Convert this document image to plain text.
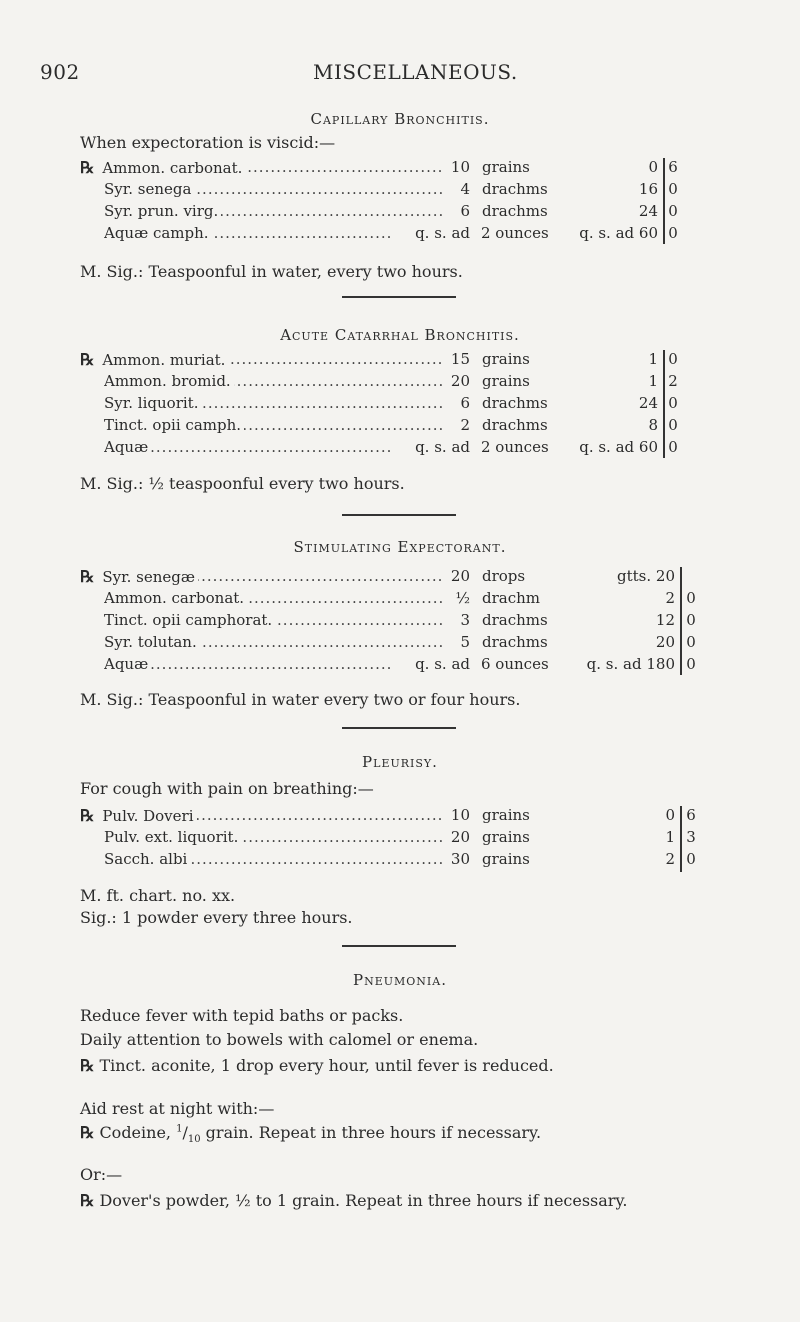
902	MISCELLANEOUS.
Capillary Bronchitis.
When expectoration is viscid:—
℞ Ammon. carbonat. .....	10 grains	0 6
Syr. senega .....	4 drachms	16 0
Syr. prun. virg. .....	6 drachms	24 0
Aquæ camph. .....	q. s. ad 2 ounces q. s. ad 60 0
M. Sig.: Teaspoonful in water, every two hours.
Acute Catarrhal Bronchitis.
℞ Ammon. muriat. .....	15 grains	1 0
Ammon. bromid. .....	20 grains	1 2
Syr. liquorit. .....	6 drachms	24 0
Tinct. opii camph. .....	2 drachms	8 0
Aquæ .....	q. s. ad 2 ounces q. s. ad 60 0
M. Sig.: ½ teaspoonful every two hours.
Stimulating Expectorant.
℞ Syr. senegæ .....	20 drops	gtts. 20
Ammon. carbonat. .....	½ drachm	2 0
Tinct. opii camphorat. .....	3 drachms	12 0
Syr. tolutan. .....	5 drachms	20 0
Aquæ .....	q. s. ad 6 ounces	q. s. ad 180 0
M. Sig.: Teaspoonful in water every two or four hours.
Pleurisy.
For cough with pain on breathing:—
℞ Pulv. Doveri .....	10 grains	0 6
Pulv. ext. liquorit. .....	20 grains	1 3
Sacch. albi .....	30 grains	2 0
M. ft. chart. no. xx.
Sig.: 1 powder every three hours.
Pneumonia.
Reduce fever with tepid baths or packs.
Daily attention to bowels with calomel or enema.
℞ Tinct. aconite, 1 drop every hour, until fever is reduced.
Aid rest at night with:—
℞ Codeine, $^1/_{10}$ grain. Repeat in three hours if necessary.
Or:—
℞ Dover's powder, ½ to 1 grain. Repeat in three hours if necessary.
